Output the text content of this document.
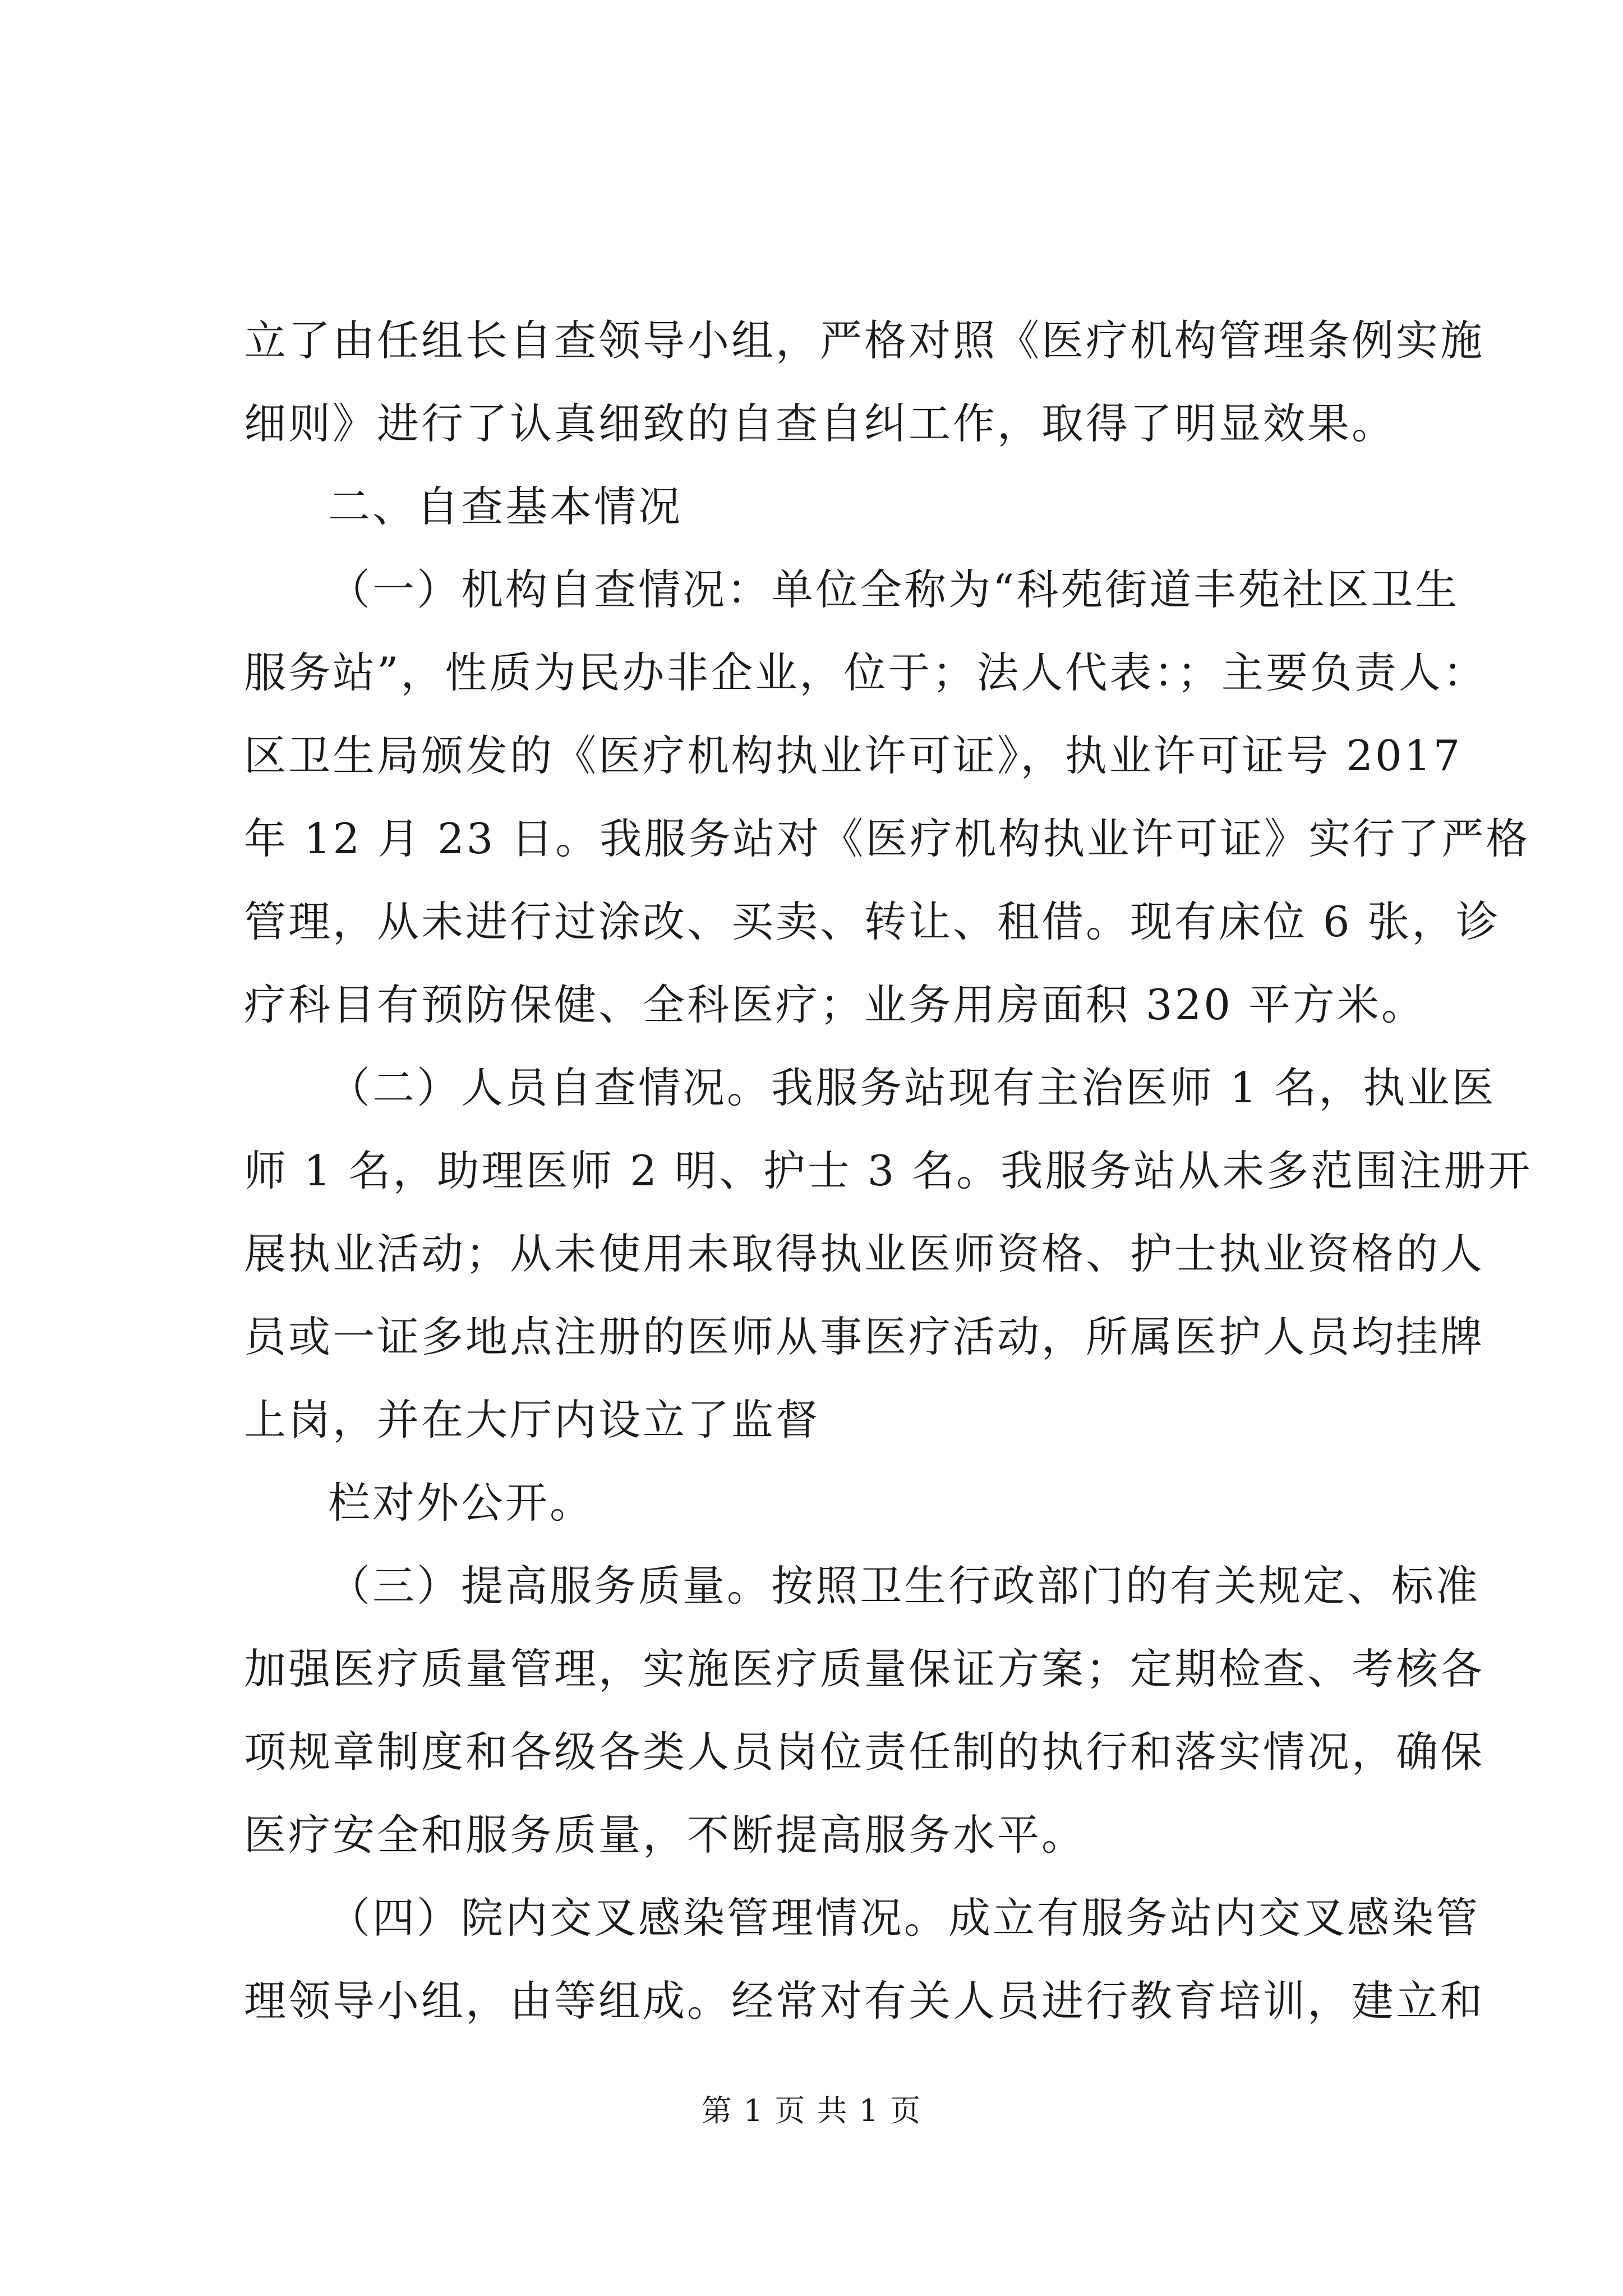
立了由任组长自查领导小组，严格对照《医疗机构管理条例实施
细则》进行了认真细致的自查自纠工作，取得了明显效果。
二、自查基本情况
（一）机构自查情况：单位全称为“科苑街道丰苑社区卫生
服务站”，性质为民办非企业，位于；法人代表：；主要负责人：
区卫生局颁发的《医疗机构执业许可证》，执业许可证号 2017
年 12 月 23 日。我服务站对《医疗机构执业许可证》实行了严格
管理，从未进行过涂改、买卖、转让、租借。现有床位 6 张，诊
疗科目有预防保健、全科医疗；业务用房面积 320 平方米。
（二）人员自查情况。我服务站现有主治医师 1 名，执业医
师 1 名，助理医师 2 明、护士 3 名。我服务站从未多范围注册开
展执业活动；从未使用未取得执业医师资格、护士执业资格的人
员或一证多地点注册的医师从事医疗活动，所属医护人员均挂牌
上岗，并在大厅内设立了监督
栏对外公开。
（三）提高服务质量。按照卫生行政部门的有关规定、标准
加强医疗质量管理，实施医疗质量保证方案；定期检查、考核各
项规章制度和各级各类人员岗位责任制的执行和落实情况，确保
医疗安全和服务质量，不断提高服务水平。
（四）院内交叉感染管理情况。成立有服务站内交叉感染管
理领导小组，由等组成。经常对有关人员进行教育培训，建立和
第 1 页 共 1 页
